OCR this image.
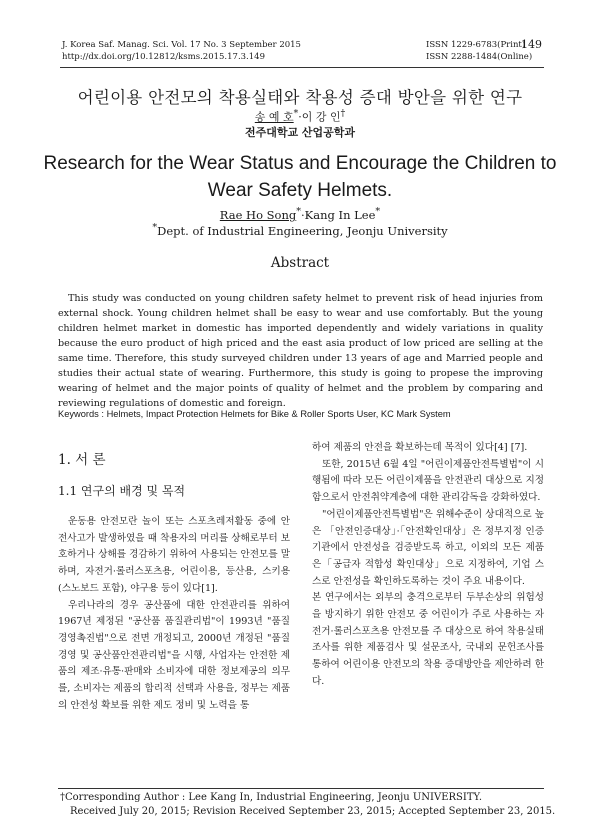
J. Korea Saf. Manag. Sci. Vol. 17 No. 3 September 2015
http://dx.doi.org/10.12812/ksms.2015.17.3.149
ISSN 1229-6783(Print)
ISSN 2288-1484(Online)
149
어린이용 안전모의 착용실태와 착용성 증대 방안을 위한 연구
송 예 호*·이 강 인†
전주대학교 산업공학과
Research for the Wear Status and Encourage the Children to
Wear Safety Helmets.
Rae Ho Song*·Kang In Lee*
*Dept. of Industrial Engineering, Jeonju University
Abstract

This study was conducted on young children safety helmet to prevent risk of head injuries from external shock. Young children helmet shall be easy to wear and use comfortably. But the young children helmet market in domestic has imported dependently and widely variations in quality because the euro product of high priced and the east asia product of low priced are selling at the same time. Therefore, this study surveyed children under 13 years of age and Married people and studies their actual state of wearing. Furthermore, this study is going to propese the improving wearing of helmet and the major points of quality of helmet and the problem by comparing and reviewing regulations of domestic and foreign.

Keywords : Helmets, Impact Protection Helmets for Bike & Roller Sports User, KC Mark System
1. 서 론
1.1 연구의 배경 및 목적

운동용 안전모란 놀이 또는 스포츠레저활동 중에 안전사고가 발생하였을 때 착용자의 머리를 상해로부터 보호하거나 상해를 경감하기 위하여 사용되는 안전모를 말하며, 자전거·롤러스포츠용, 어린이용, 등산용, 스키용(스노보드 포함), 야구용 등이 있다[1].

우리나라의 경우 공산품에 대한 안전관리를 위하여 1967년 제정된 "공산품 품질관리법"이 1993년 "품질경영촉진법"으로 전면 개정되고, 2000년 개정된 "품질경영 및 공산품안전관리법"을 시행, 사업자는 안전한 제품의 제조·유통·판매와 소비자에 대한 정보제공의 의무를, 소비자는 제품의 합리적 선택과 사용을, 정부는 제품의 안전성 확보를 위한 제도 정비 및 노력을 통

하여 제품의 안전을 확보하는데 목적이 있다[4] [7].

또한, 2015년 6월 4일 "어린이제품안전특별법"이 시행됨에 따라 모든 어린이제품을 안전관리 대상으로 지정함으로서 안전취약계층에 대한 관리감독을 강화하였다.

"어린이제품안전특별법"은 위해수준이 상대적으로 높은 「안전인증대상」·「안전확인대상」은 정부지정 인증기관에서 안전성을 검증받도록 하고, 이외의 모든 제품은「공급자 적합성 확인대상」으로 지정하여, 기업 스스로 안전성을 확인하도록하는 것이 주요 내용이다.

본 연구에서는 외부의 충격으로부터 두부손상의 위험성을 방지하기 위한 안전모 중 어린이가 주로 사용하는 자전거·롤러스포츠용 안전모를 주 대상으로 하여 착용실태조사를 위한 제품검사 및 설문조사, 국내외 문헌조사를 통하여 어린이용 안전모의 착용 증대방안을 제안하려 한다.

†Corresponding Author : Lee Kang In, Industrial Engineering, Jeonju UNIVERSITY.
Received July 20, 2015; Revision Received September 23, 2015; Accepted September 23, 2015.
